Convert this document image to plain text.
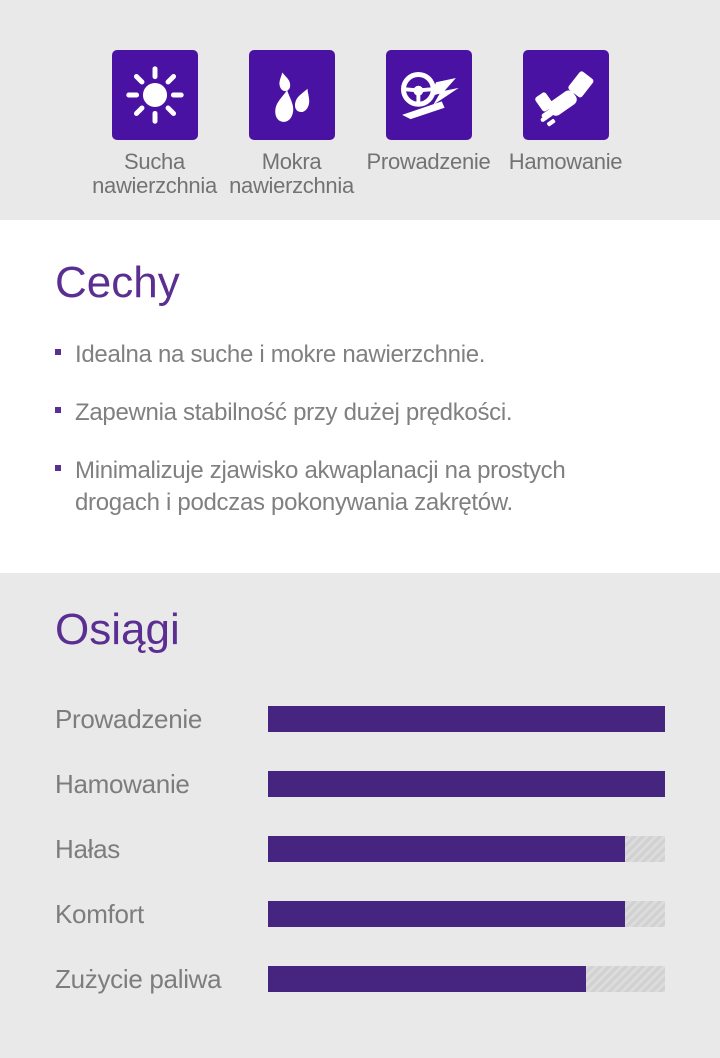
Sucha nawierzchnia
Mokra nawierzchnia
Prowadzenie Hamowanie
Cechy
Idealna na suche i mokre nawierzchnie.
Zapewnia stabilność przy dużej prędkości.
Minimalizuje zjawisko akwaplanacji na prostych drogach i podczas pokonywania zakrętów.
Osiągi
Prowadzenie
Hamowanie
Hałas
Komfort
Zużycie paliwa
